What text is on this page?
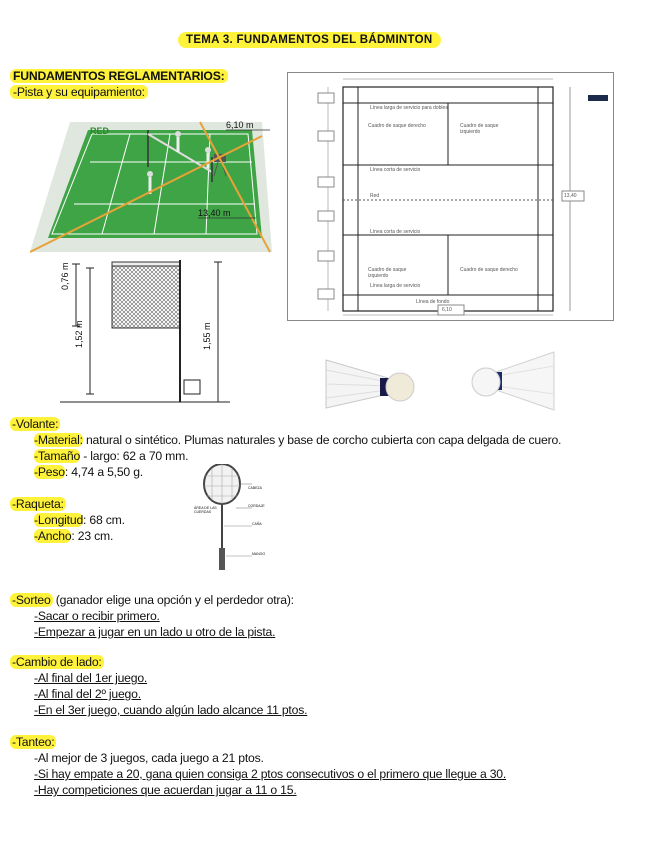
TEMA 3. FUNDAMENTOS DEL BÁDMINTON
FUNDAMENTOS REGLAMENTARIOS:
-Pista y su equipamiento:
RED
6,10 m
13,40 m
Línea larga de servicio para dobles
Cuadro de saque derecho	Cuadro de saque izquierdo
Línea corta de servicio
Red
Línea corta de servicio
Cuadro de saque izquierdo
Cuadro de saque derecho
Línea larga de servicio
Línea de fondo
13,40
6,10
0,76 m
1,52 m	1,55 m
CABEZA
CORDAJE
CAÑA
MANGO
ÁREA DE LAS CUERDAS
-Volante:
-Material: natural o sintético. Plumas naturales y base de corcho cubierta con capa delgada de cuero.
-Tamaño - largo: 62 a 70 mm.
-Peso: 4,74 a 5,50 g.
-Raqueta:
-Longitud: 68 cm.
-Ancho: 23 cm.
-Sorteo (ganador elige una opción y el perdedor otra):
-Sacar o recibir primero.
-Empezar a jugar en un lado u otro de la pista.
-Cambio de lado:
-Al final del 1er juego.
-Al final del 2º juego.
-En el 3er juego, cuando algún lado alcance 11 ptos.
-Tanteo:
-Al mejor de 3 juegos, cada juego a 21 ptos.
-Si hay empate a 20, gana quien consiga 2 ptos consecutivos o el primero que llegue a 30.
-Hay competiciones que acuerdan jugar a 11 o 15.
